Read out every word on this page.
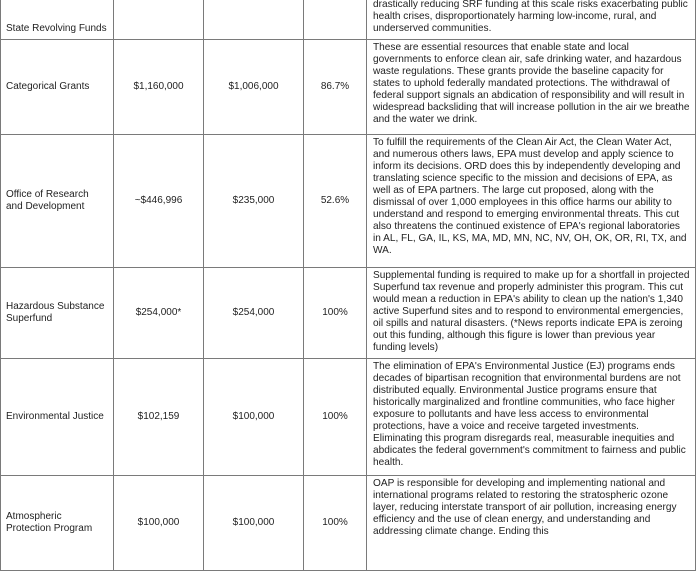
State Revolving Funds				drastically reducing SRF funding at this scale risks exacerbating public health crises, disproportionately harming low-income, rural, and underserved communities.
Categorical Grants	$1,160,000	$1,006,000	86.7%	These are essential resources that enable state and local governments to enforce clean air, safe drinking water, and hazardous waste regulations. These grants provide the baseline capacity for states to uphold federally mandated protections. The withdrawal of federal support signals an abdication of responsibility and will result in widespread backsliding that will increase pollution in the air we breathe and the water we drink.
Office of Research and Development	~$446,996	$235,000	52.6%	To fulfill the requirements of the Clean Air Act, the Clean Water Act, and numerous others laws, EPA must develop and apply science to inform its decisions. ORD does this by independently developing and translating science specific to the mission and decisions of EPA, as well as of EPA partners. The large cut proposed, along with the dismissal of over 1,000 employees in this office harms our ability to understand and respond to emerging environmental threats. This cut also threatens the continued existence of EPA's regional laboratories in AL, FL, GA, IL, KS, MA, MD, MN, NC, NV, OH, OK, OR, RI, TX, and WA.
Hazardous Substance Superfund	$254,000*	$254,000	100%	Supplemental funding is required to make up for a shortfall in projected Superfund tax revenue and properly administer this program. This cut would mean a reduction in EPA's ability to clean up the nation's 1,340 active Superfund sites and to respond to environmental emergencies, oil spills and natural disasters. (*News reports indicate EPA is zeroing out this funding, although this figure is lower than previous year funding levels)
Environmental Justice	$102,159	$100,000	100%	The elimination of EPA's Environmental Justice (EJ) programs ends decades of bipartisan recognition that environmental burdens are not distributed equally. Environmental Justice programs ensure that historically marginalized and frontline communities, who face higher exposure to pollutants and have less access to environmental protections, have a voice and receive targeted investments. Eliminating this program disregards real, measurable inequities and abdicates the federal government's commitment to fairness and public health.
Atmospheric Protection Program	$100,000	$100,000	100%	OAP is responsible for developing and implementing national and international programs related to restoring the stratospheric ozone layer, reducing interstate transport of air pollution, increasing energy efficiency and the use of clean energy, and understanding and addressing climate change. Ending this
